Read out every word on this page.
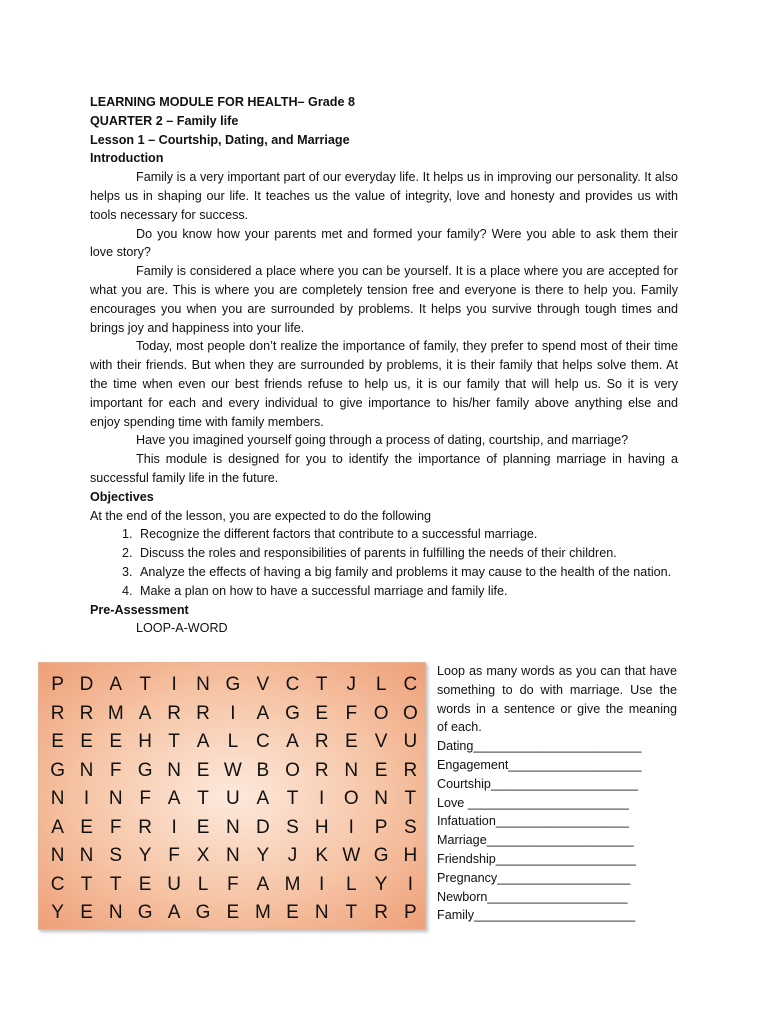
LEARNING MODULE FOR HEALTH– Grade 8
QUARTER 2 – Family life
Lesson 1 – Courtship, Dating, and Marriage
Introduction

Family is a very important part of our everyday life. It helps us in improving our personality. It also helps us in shaping our life. It teaches us the value of integrity, love and honesty and provides us with tools necessary for success.

Do you know how your parents met and formed your family? Were you able to ask them their love story?

Family is considered a place where you can be yourself. It is a place where you are accepted for what you are. This is where you are completely tension free and everyone is there to help you. Family encourages you when you are surrounded by problems. It helps you survive through tough times and brings joy and happiness into your life.

Today, most people don’t realize the importance of family, they prefer to spend most of their time with their friends. But when they are surrounded by problems, it is their family that helps solve them. At the time when even our best friends refuse to help us, it is our family that will help us. So it is very important for each and every individual to give importance to his/her family above anything else and enjoy spending time with family members.

Have you imagined yourself going through a process of dating, courtship, and marriage?

This module is designed for you to identify the importance of planning marriage in having a successful family life in the future.

Objectives
At the end of the lesson, you are expected to do the following
1. Recognize the different factors that contribute to a successful marriage.
2. Discuss the roles and responsibilities of parents in fulfilling the needs of their children.
3. Analyze the effects of having a big family and problems it may cause to the health of the nation.
4. Make a plan on how to have a successful marriage and family life.
Pre-Assessment
LOOP-A-WORD
P	D	A	T	I	N	G	V	C	T	J	L	C
R	R	M	A	R	R	I	A	G	E	F	O	O
E	E	E	H	T	A	L	C	A	R	E	V	U
G	N	F	G	N	E	W	B	O	R	N	E	R
N	I	N	F	A	T	U	A	T	I	O	N	T
A	E	F	R	I	E	N	D	S	H	I	P	S
N	N	S	Y	F	X	N	Y	J	K	W	G	H
C	T	T	E	U	L	F	A	M	I	L	Y	I
Y	E	N	G	A	G	E	M	E	N	T	R	P

Loop as many words as you can that have something to do with marriage. Use the words in a sentence or give the meaning of each.

Dating________________________
Engagement___________________
Courtship_____________________
Love _______________________
Infatuation___________________
Marriage_____________________
Friendship____________________
Pregnancy___________________
Newborn____________________
Family_______________________
